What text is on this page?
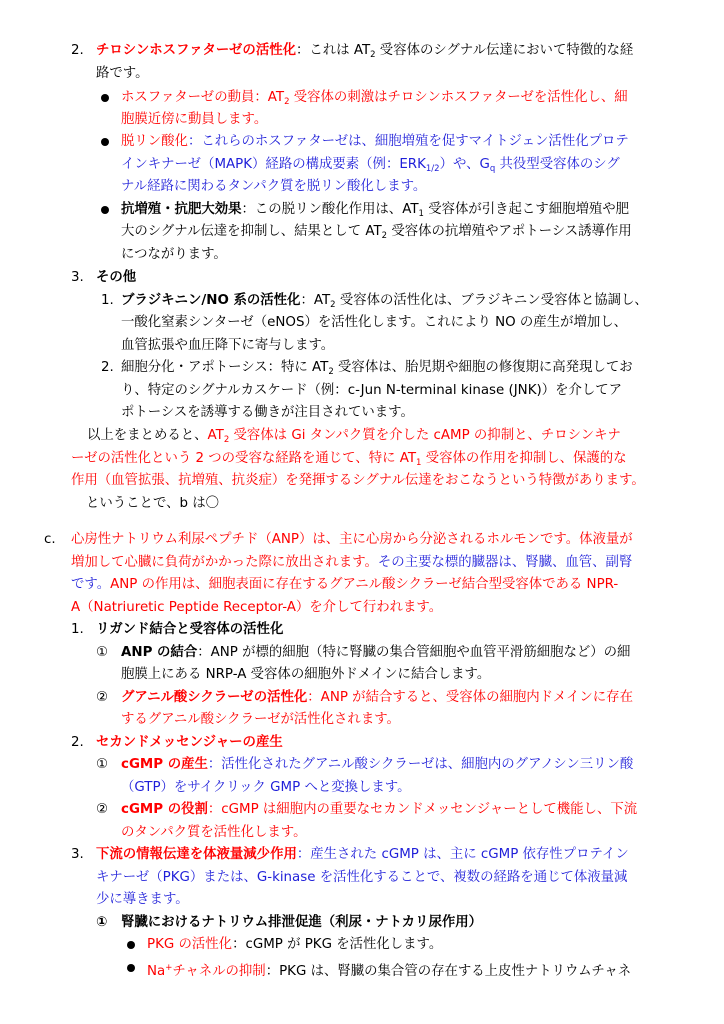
2. チロシンホスファターゼの活性化：これは $AT_2$ 受容体のシグナル伝達において特徴的な経
路です。
ホスファターゼの動員：$AT_2$ 受容体の刺激はチロシンホスファターゼを活性化し、細
胞膜近傍に動員します。
脱リン酸化：これらのホスファターゼは、細胞増殖を促すマイトジェン活性化プロテ
インキナーゼ（MAPK）経路の構成要素（例：$ERK_{1/2}$）や、$G_q$ 共役型受容体のシグ
ナル経路に関わるタンパク質を脱リン酸化します。
抗増殖・抗肥大効果：この脱リン酸化作用は、$AT_1$ 受容体が引き起こす細胞増殖や肥
大のシグナル伝達を抑制し、結果として $AT_2$ 受容体の抗増殖やアポトーシス誘導作用
につながります。
3. その他
1. ブラジキニン/NO 系の活性化：$AT_2$ 受容体の活性化は、ブラジキニン受容体と協調し、
一酸化窒素シンターゼ（eNOS）を活性化します。これにより NO の産生が増加し、
血管拡張や血圧降下に寄与します。
2. 細胞分化・アポトーシス：特に $AT_2$ 受容体は、胎児期や細胞の修復期に高発現してお
り、特定のシグナルカスケード（例：c-Jun N-terminal kinase (JNK)）を介してア
ポトーシスを誘導する働きが注目されています。
以上をまとめると、$AT_2$ 受容体は Gi タンパク質を介した cAMP の抑制と、チロシンキナ
ーゼの活性化という 2 つの受容な経路を通じて、特に $AT_1$ 受容体の作用を抑制し、保護的な
作用（血管拡張、抗増殖、抗炎症）を発揮するシグナル伝達をおこなうという特徴があります。
ということで、b は〇
c. 心房性ナトリウム利尿ペプチド（ANP）は、主に心房から分泌されるホルモンです。体液量が
増加して心臓に負荷がかかった際に放出されます。その主要な標的臓器は、腎臓、血管、副腎
です。ANP の作用は、細胞表面に存在するグアニル酸シクラーゼ結合型受容体である NPR-
A（Natriuretic Peptide Receptor-A）を介して行われます。
1. リガンド結合と受容体の活性化
① ANP の結合：ANP が標的細胞（特に腎臓の集合管細胞や血管平滑筋細胞など）の細
胞膜上にある NRP-A 受容体の細胞外ドメインに結合します。
② グアニル酸シクラーゼの活性化：ANP が結合すると、受容体の細胞内ドメインに存在
するグアニル酸シクラーゼが活性化されます。
2. セカンドメッセンジャーの産生
① cGMP の産生：活性化されたグアニル酸シクラーゼは、細胞内のグアノシン三リン酸
（GTP）をサイクリック GMP へと変換します。
② cGMP の役割：cGMP は細胞内の重要なセカンドメッセンジャーとして機能し、下流
のタンパク質を活性化します。
3. 下流の情報伝達を体液量減少作用：産生された cGMP は、主に cGMP 依存性プロテイン
キナーゼ（PKG）または、G-kinase を活性化することで、複数の経路を通じて体液量減
少に導きます。
① 腎臓におけるナトリウム排泄促進（利尿・ナトカリ尿作用）
PKG の活性化：cGMP が PKG を活性化します。
Na+チャネルの抑制：PKG は、腎臓の集合管の存在する上皮性ナトリウムチャネ
